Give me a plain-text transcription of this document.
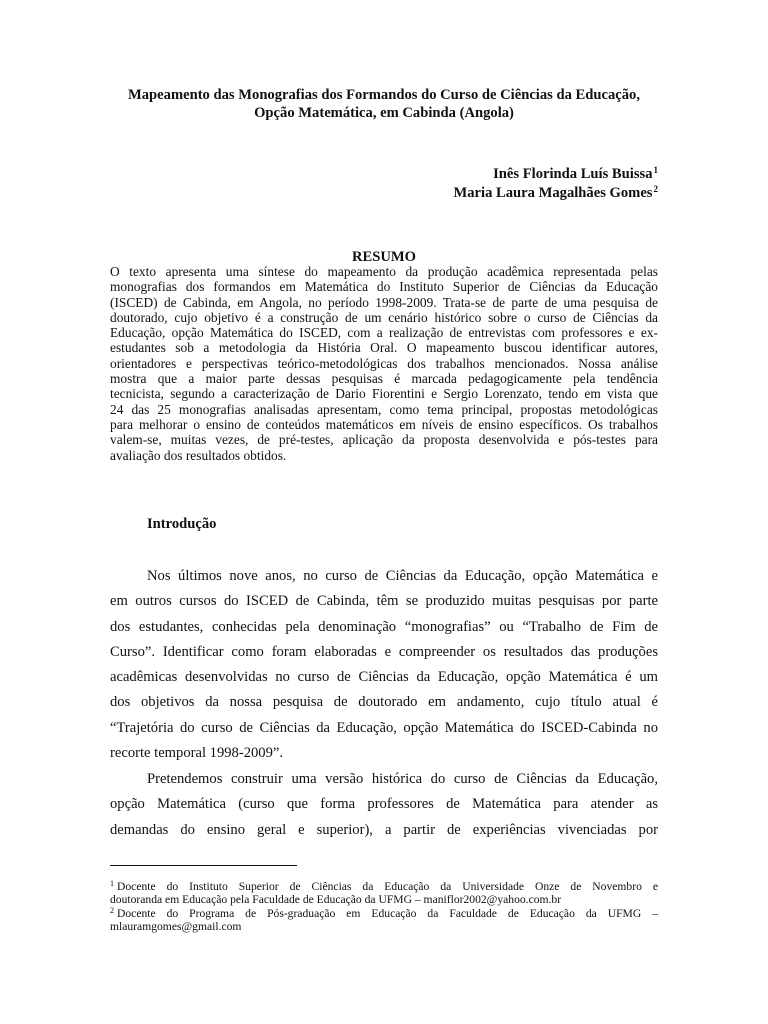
Mapeamento das Monografias dos Formandos do Curso de Ciências da Educação,
Opção Matemática, em Cabinda (Angola)
Inês Florinda Luís Buissa$^1$
Maria Laura Magalhães Gomes$^2$
RESUMO
O texto apresenta uma síntese do mapeamento da produção acadêmica representada pelas
monografias dos formandos em Matemática do Instituto Superior de Ciências da Educação
(ISCED) de Cabinda, em Angola, no período 1998-2009. Trata-se de parte de uma pesquisa de
doutorado, cujo objetivo é a construção de um cenário histórico sobre o curso de Ciências da
Educação, opção Matemática do ISCED, com a realização de entrevistas com professores e ex-
estudantes sob a metodologia da História Oral. O mapeamento buscou identificar autores,
orientadores e perspectivas teórico-metodológicas dos trabalhos mencionados. Nossa análise
mostra que a maior parte dessas pesquisas é marcada pedagogicamente pela tendência
tecnicista, segundo a caracterização de Dario Fiorentini e Sergio Lorenzato, tendo em vista que
24 das 25 monografias analisadas apresentam, como tema principal, propostas metodológicas
para melhorar o ensino de conteúdos matemáticos em níveis de ensino específicos. Os trabalhos
valem-se, muitas vezes, de pré-testes, aplicação da proposta desenvolvida e pós-testes para
avaliação dos resultados obtidos.
Introdução
Nos últimos nove anos, no curso de Ciências da Educação, opção Matemática e
em outros cursos do ISCED de Cabinda, têm se produzido muitas pesquisas por parte
dos estudantes, conhecidas pela denominação “monografias” ou “Trabalho de Fim de
Curso”. Identificar como foram elaboradas e compreender os resultados das produções
acadêmicas desenvolvidas no curso de Ciências da Educação, opção Matemática é um
dos objetivos da nossa pesquisa de doutorado em andamento, cujo título atual é
“Trajetória do curso de Ciências da Educação, opção Matemática do ISCED-Cabinda no
recorte temporal 1998-2009”.
Pretendemos construir uma versão histórica do curso de Ciências da Educação,
opção Matemática (curso que forma professores de Matemática para atender as
demandas do ensino geral e superior), a partir de experiências vivenciadas por
$^1$ Docente do Instituto Superior de Ciências da Educação da Universidade Onze de Novembro e
doutoranda em Educação pela Faculdade de Educação da UFMG – maniflor2002@yahoo.com.br
$^2$ Docente do Programa de Pós-graduação em Educação da Faculdade de Educação da UFMG –
mlauramgomes@gmail.com
